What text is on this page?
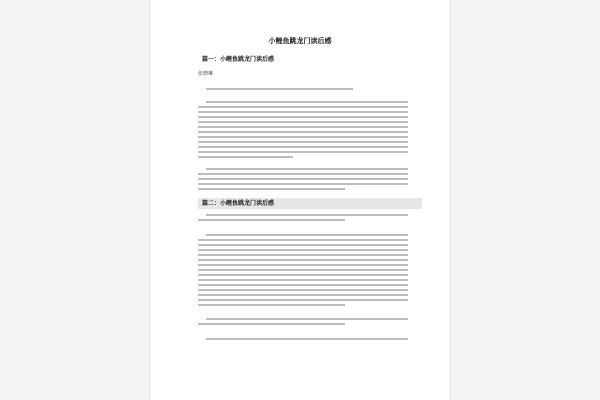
小鲤鱼跳龙门读后感
篇一：小鲤鱼跳龙门读后感
张晓琳
篇二：小鲤鱼跳龙门读后感
